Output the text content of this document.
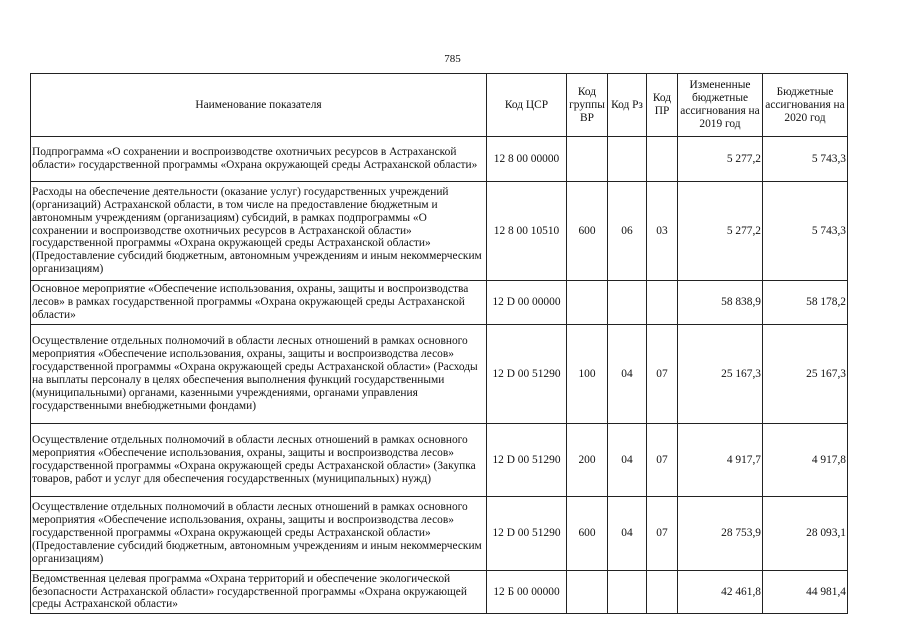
785
Наименование показателя	Код ЦСР	Код группы ВР	Код Рз	Код ПР	Измененные бюджетные ассигнования на 2019 год	Бюджетные ассигнования на 2020 год
Подпрограмма «О сохранении и воспроизводстве охотничьих ресурсов в Астраханской области» государственной программы «Охрана окружающей среды Астраханской области»	12 8 00 00000				5 277,2	5 743,3
Расходы на обеспечение деятельности (оказание услуг) государственных учреждений (организаций) Астраханской области, в том числе на предоставление бюджетным и автономным учреждениям (организациям) субсидий, в рамках подпрограммы «О сохранении и воспроизводстве охотничьих ресурсов в Астраханской области» государственной программы «Охрана окружающей среды Астраханской области» (Предоставление субсидий бюджетным, автономным учреждениям и иным некоммерческим организациям)	12 8 00 10510	600	06	03	5 277,2	5 743,3
Основное мероприятие «Обеспечение использования, охраны, защиты и воспроизводства лесов» в рамках государственной программы «Охрана окружающей среды Астраханской области»	12 D 00 00000				58 838,9	58 178,2
Осуществление отдельных полномочий в области лесных отношений в рамках основного мероприятия «Обеспечение использования, охраны, защиты и воспроизводства лесов» государственной программы «Охрана окружающей среды Астраханской области» (Расходы на выплаты персоналу в целях обеспечения выполнения функций государственными (муниципальными) органами, казенными учреждениями, органами управления государственными внебюджетными фондами)	12 D 00 51290	100	04	07	25 167,3	25 167,3
Осуществление отдельных полномочий в области лесных отношений в рамках основного мероприятия «Обеспечение использования, охраны, защиты и воспроизводства лесов» государственной программы «Охрана окружающей среды Астраханской области» (Закупка товаров, работ и услуг для обеспечения государственных (муниципальных) нужд)	12 D 00 51290	200	04	07	4 917,7	4 917,8
Осуществление отдельных полномочий в области лесных отношений в рамках основного мероприятия «Обеспечение использования, охраны, защиты и воспроизводства лесов» государственной программы «Охрана окружающей среды Астраханской области» (Предоставление субсидий бюджетным, автономным учреждениям и иным некоммерческим организациям)	12 D 00 51290	600	04	07	28 753,9	28 093,1
Ведомственная целевая программа «Охрана территорий и обеспечение экологической безопасности Астраханской области» государственной программы «Охрана окружающей среды Астраханской области»	12 Б 00 00000				42 461,8	44 981,4
